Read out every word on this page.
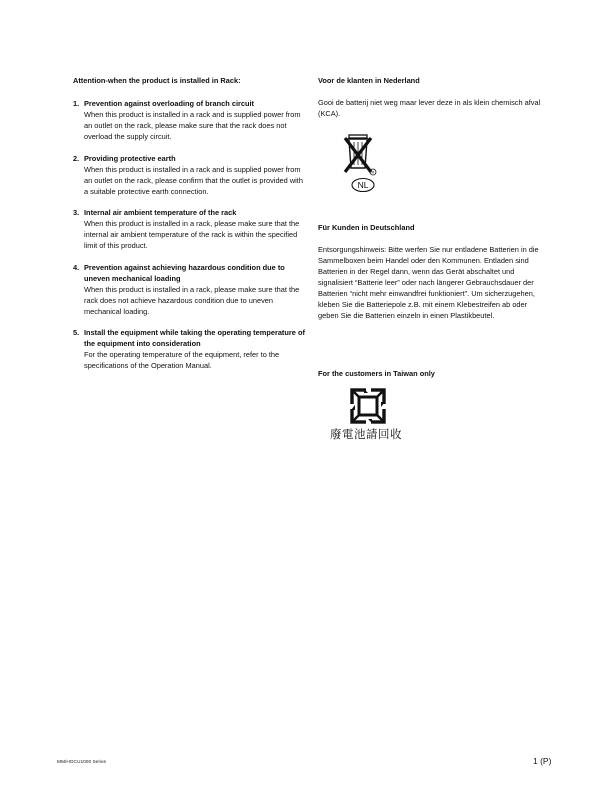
Attention-when the product is installed in Rack:

1. Prevention against overloading of branch circuit
When this product is installed in a rack and is supplied power from an outlet on the rack, please make sure that the rack does not overload the supply circuit.
2. Providing protective earth
When this product is installed in a rack and is supplied power from an outlet on the rack, please confirm that the outlet is provided with a suitable protective earth connection.
3. Internal air ambient temperature of the rack
When this product is installed in a rack, please make sure that the internal air ambient temperature of the rack is within the specified limit of this product.
4. Prevention against achieving hazardous condition due to uneven mechanical loading
When this product is installed in a rack, please make sure that the rack does not achieve hazardous condition due to uneven mechanical loading.
5. Install the equipment while taking the operating temperature of the equipment into consideration
For the operating temperature of the equipment, refer to the specifications of the Operation Manual.

Voor de klanten in Nederland

Gooi de batterij niet weg maar lever deze in als klein chemisch afval (KCA).

R
NL

Für Kunden in Deutschland

Entsorgungshinweis: Bitte werfen Sie nur entladene Batterien in die Sammelboxen beim Handel oder den Kommunen. Entladen sind Batterien in der Regel dann, wenn das Gerät abschaltet und signalisiert “Batterie leer” oder nach längerer Gebrauchsdauer der Batterien “nicht mehr einwandfrei funktioniert”. Um sicherzugehen, kleben Sie die Batteriepole z.B. mit einem Klebestreifen ab oder geben Sie die Batterien einzeln in einen Plastikbeutel.

For the customers in Taiwan only

廢電池請回收
MM/HOCU1000 Series	1 (P)
